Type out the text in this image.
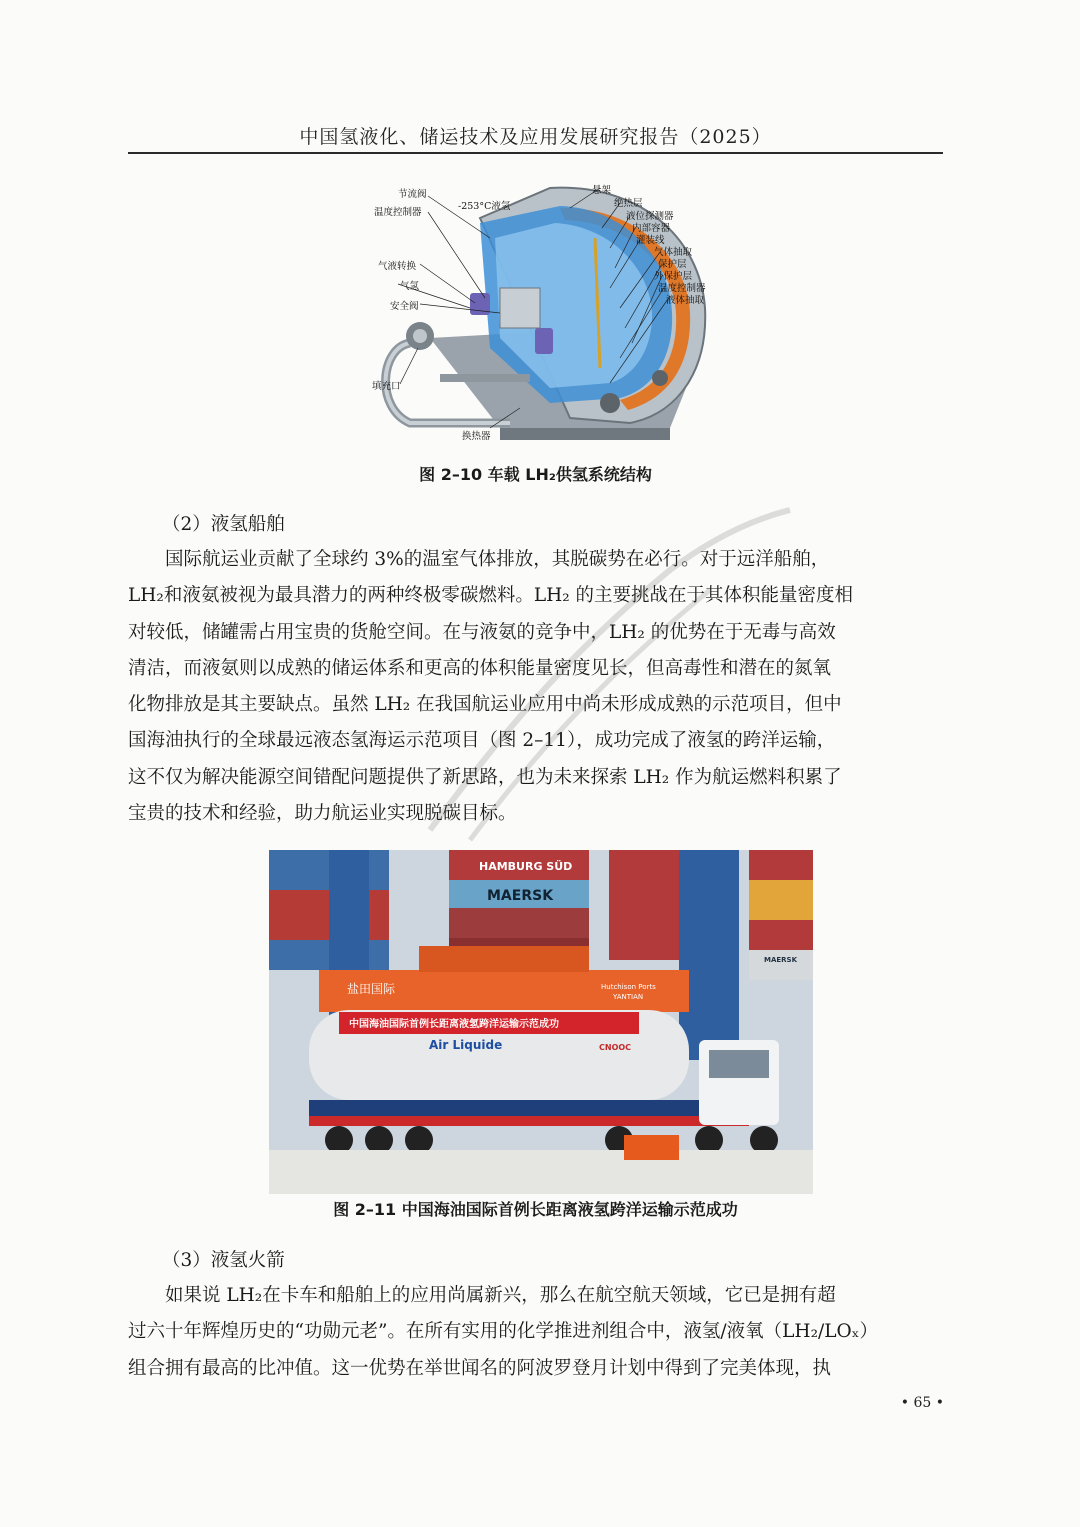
中国氢液化、储运技术及应用发展研究报告（2025）
节流阀
温度控制器
气液转换
气氢
安全阀
填充口
-253°C液氢
悬架
绝热层
液位探测器
内部容器
灌装线
气体抽取
保护层
外保护层
温度控制器
液体抽取
换热器
图 2–10 车载 LH₂供氢系统结构
（2）液氢船舶
国际航运业贡献了全球约 3%的温室气体排放，其脱碳势在必行。对于远洋船舶，
LH₂和液氨被视为最具潜力的两种终极零碳燃料。LH₂ 的主要挑战在于其体积能量密度相
对较低，储罐需占用宝贵的货舱空间。在与液氨的竞争中，LH₂ 的优势在于无毒与高效
清洁，而液氨则以成熟的储运体系和更高的体积能量密度见长，但高毒性和潜在的氮氧
化物排放是其主要缺点。虽然 LH₂ 在我国航运业应用中尚未形成成熟的示范项目，但中
国海油执行的全球最远液态氢海运示范项目（图 2–11），成功完成了液氢的跨洋运输，
这不仅为解决能源空间错配问题提供了新思路，也为未来探索 LH₂ 作为航运燃料积累了
宝贵的技术和经验，助力航运业实现脱碳目标。
HAMBURG SÜD
MAERSK
MAERSK
盐田国际	Hutchison Ports
YANTIAN
中国海油国际首例长距离液氢跨洋运输示范成功
Air Liquide	CNOOC
图 2–11 中国海油国际首例长距离液氢跨洋运输示范成功
（3）液氢火箭
如果说 LH₂在卡车和船舶上的应用尚属新兴，那么在航空航天领域，它已是拥有超
过六十年辉煌历史的“功勋元老”。在所有实用的化学推进剂组合中，液氢/液氧（LH₂/LOₓ）
组合拥有最高的比冲值。这一优势在举世闻名的阿波罗登月计划中得到了完美体现，执
• 65 •
